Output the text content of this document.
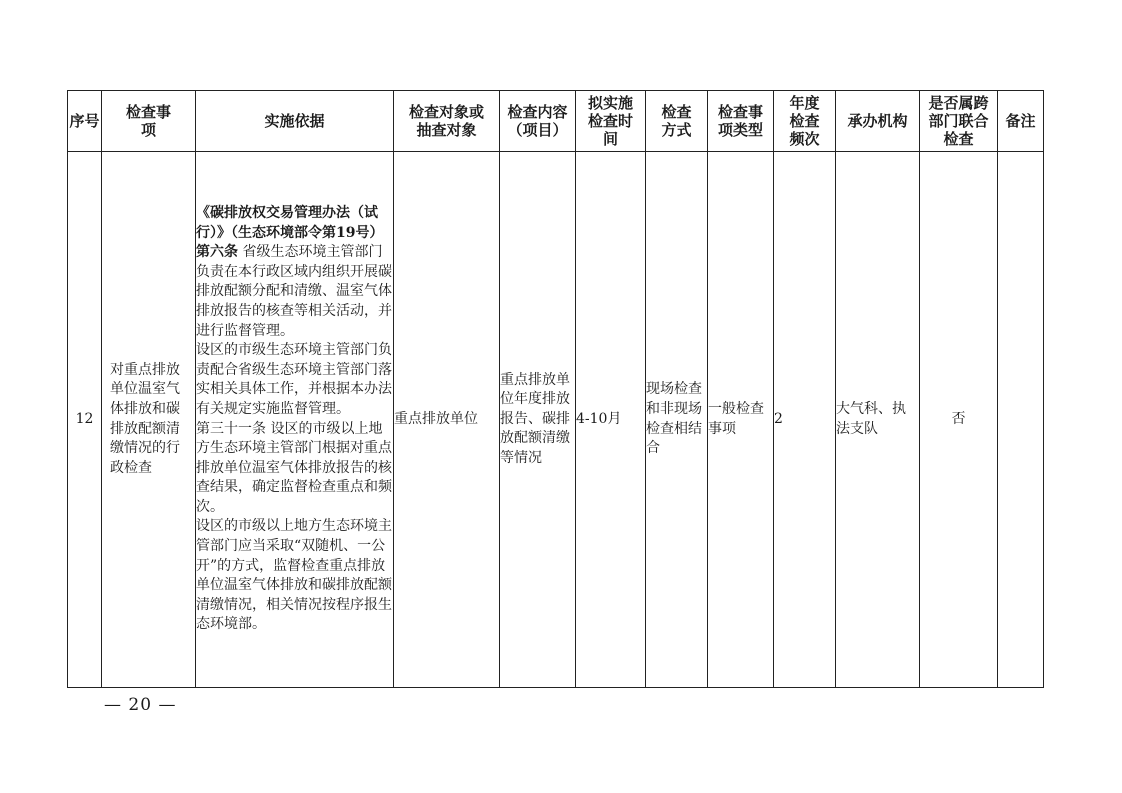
序号	检查事项	实施依据	检查对象或抽查对象	检查内容（项目）	拟实施检查时间	检查方式	检查事项类型	年度检查频次	承办机构	是否属跨部门联合检查	备注
12	对重点排放单位温室气体排放和碳排放配额清缴情况的行政检查	《碳排放权交易管理办法（试行）》（生态环境部令第19号）

第六条 省级生态环境主管部门负责在本行政区域内组织开展碳排放配额分配和清缴、温室气体排放报告的核查等相关活动，并进行监督管理。

设区的市级生态环境主管部门负责配合省级生态环境主管部门落实相关具体工作，并根据本办法有关规定实施监督管理。

第三十一条 设区的市级以上地方生态环境主管部门根据对重点排放单位温室气体排放报告的核查结果，确定监督检查重点和频次。

设区的市级以上地方生态环境主管部门应当采取“双随机、一公开”的方式，监督检查重点排放单位温室气体排放和碳排放配额清缴情况，相关情况按程序报生态环境部。	重点排放单位	重点排放单位年度排放报告、碳排放配额清缴等情况	4-10月	现场检查和非现场检查相结合	一般检查事项	2	大气科、执法支队	否	
— 20 —
